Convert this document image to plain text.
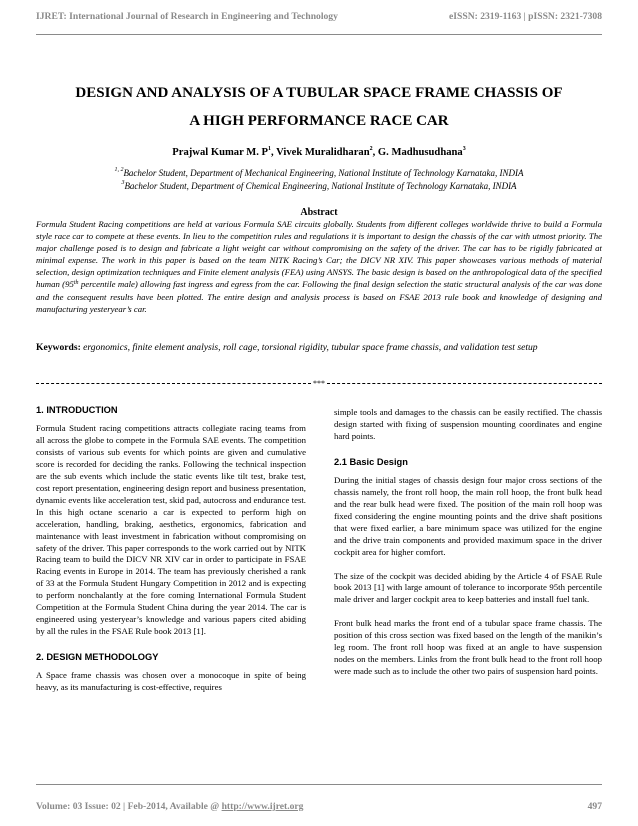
IJRET: International Journal of Research in Engineering and Technology	eISSN: 2319-1163 | pISSN: 2321-7308
DESIGN AND ANALYSIS OF A TUBULAR SPACE FRAME CHASSIS OF
A HIGH PERFORMANCE RACE CAR
Prajwal Kumar M. $P^1$, Vivek Muralidharan$^2$, G. Madhusudhana$^3$
$^{1, 2}$Bachelor Student, Department of Mechanical Engineering, National Institute of Technology Karnataka, INDIA
$^3$Bachelor Student, Department of Chemical Engineering, National Institute of Technology Karnataka, INDIA
Abstract
Formula Student Racing competitions are held at various Formula SAE circuits globally. Students from different colleges worldwide thrive to build a Formula style race car to compete at these events. In lieu to the competition rules and regulations it is important to design the chassis of the car with utmost priority. The major challenge posed is to design and fabricate a light weight car without compromising on the safety of the driver. The car has to be rigidly fabricated at minimal expense. The work in this paper is based on the team NITK Racing’s Car; the DICV NR XIV. This paper showcases various methods of material selection, design optimization techniques and Finite element analysis (FEA) using ANSYS. The basic design is based on the anthropological data of the specified human (95th percentile male) allowing fast ingress and egress from the car. Following the final design selection the static structural analysis of the car was done and the consequent results have been plotted. The entire design and analysis process is based on FSAE 2013 rule book and knowledge of designing and manufacturing yesteryear’s car.
Keywords: ergonomics, finite element analysis, roll cage, torsional rigidity, tubular space frame chassis, and validation test setup
***
1. INTRODUCTION

Formula Student racing competitions attracts collegiate racing teams from all across the globe to compete in the Formula SAE events. The competition consists of various sub events for which points are given and cumulative score is recorded for deciding the ranks. Following the technical inspection are the sub events which include the static events like tilt test, brake test, cost report presentation, engineering design report and business presentation, dynamic events like acceleration test, skid pad, autocross and endurance test. In this high octane scenario a car is expected to perform high on acceleration, handling, braking, aesthetics, ergonomics, fabrication and maintenance with least investment in fabrication without compromising on safety of the driver. This paper corresponds to the work carried out by NITK Racing team to build the DICV NR XIV car in order to participate in FSAE Racing events in Europe in 2014. The team has previously cherished a rank of 33 at the Formula Student Hungary Competition in 2012 and is expecting to perform nonchalantly at the fore coming International Formula Student Competition at the Formula Student China during the year 2014. The car is engineered using yesteryear’s knowledge and various papers cited abiding by all the rules in the FSAE Rule book 2013 [1].

2. DESIGN METHODOLOGY

A Space frame chassis was chosen over a monocoque in spite of being heavy, as its manufacturing is cost-effective, requires

simple tools and damages to the chassis can be easily rectified. The chassis design started with fixing of suspension mounting coordinates and engine hard points.

2.1 Basic Design

During the initial stages of chassis design four major cross sections of the chassis namely, the front roll hoop, the main roll hoop, the front bulk head and the rear bulk head were fixed. The position of the main roll hoop was fixed considering the engine mounting points and the drive shaft positions that were fixed earlier, a bare minimum space was utilized for the engine and the drive train components and provided maximum space in the driver cockpit area for higher comfort.

The size of the cockpit was decided abiding by the Article 4 of FSAE Rule book 2013 [1] with large amount of tolerance to incorporate 95th percentile male driver and larger cockpit area to keep batteries and install fuel tank.

Front bulk head marks the front end of a tubular space frame chassis. The position of this cross section was fixed based on the length of the manikin’s leg room. The front roll hoop was fixed at an angle to have suspension nodes on the members. Links from the front bulk head to the front roll hoop were made such as to include the other two pairs of suspension hard points.

Volume: 03 Issue: 02 | Feb-2014, Available @ http://www.ijret.org	497
